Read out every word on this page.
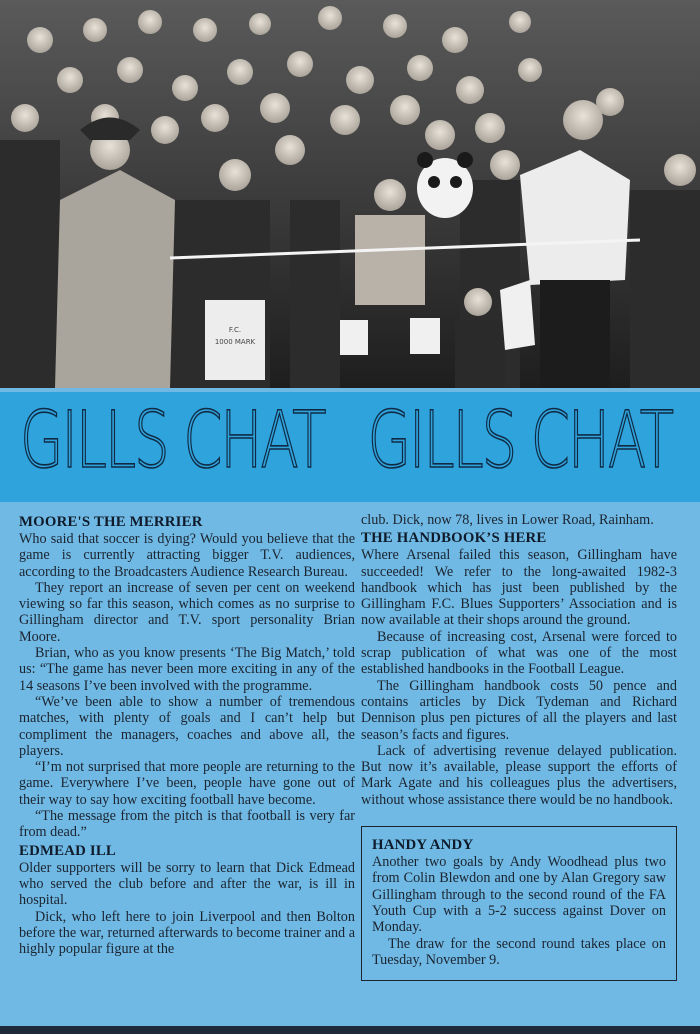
F.C.
1000 MARK
GILLS CHAT GILLS CHAT
MOORE'S THE MERRIER

Who said that soccer is dying? Would you believe that the game is currently attracting bigger T.V. audiences, according to the Broadcasters Audience Research Bureau.

They report an increase of seven per cent on weekend viewing so far this season, which comes as no surprise to Gillingham director and T.V. sport personality Brian Moore.

Brian, who as you know presents ‘The Big Match,’ told us: “The game has never been more exciting in any of the 14 seasons I’ve been involved with the programme.

“We’ve been able to show a number of tremendous matches, with plenty of goals and I can’t help but compliment the managers, coaches and above all, the players.

“I’m not surprised that more people are returning to the game. Everywhere I’ve been, people have gone out of their way to say how exciting football have become.

“The message from the pitch is that football is very far from dead.”

EDMEAD ILL

Older supporters will be sorry to learn that Dick Edmead who served the club before and after the war, is ill in hospital.

Dick, who left here to join Liverpool and then Bolton before the war, returned afterwards to become trainer and a highly popular figure at the

club. Dick, now 78, lives in Lower Road, Rainham.

THE HANDBOOK’S HERE

Where Arsenal failed this season, Gillingham have succeeded! We refer to the long-awaited 1982-3 handbook which has just been published by the Gillingham F.C. Blues Supporters’ Association and is now available at their shops around the ground.

Because of increasing cost, Arsenal were forced to scrap publication of what was one of the most established handbooks in the Football League.

The Gillingham handbook costs 50 pence and contains articles by Dick Tydeman and Richard Dennison plus pen pictures of all the players and last season’s facts and figures.

Lack of advertising revenue delayed publication. But now it’s available, please support the efforts of Mark Agate and his colleagues plus the advertisers, without whose assistance there would be no handbook.

HANDY ANDY

Another two goals by Andy Woodhead plus two from Colin Blewdon and one by Alan Gregory saw Gillingham through to the second round of the FA Youth Cup with a 5-2 success against Dover on Monday.

The draw for the second round takes place on Tuesday, November 9.
